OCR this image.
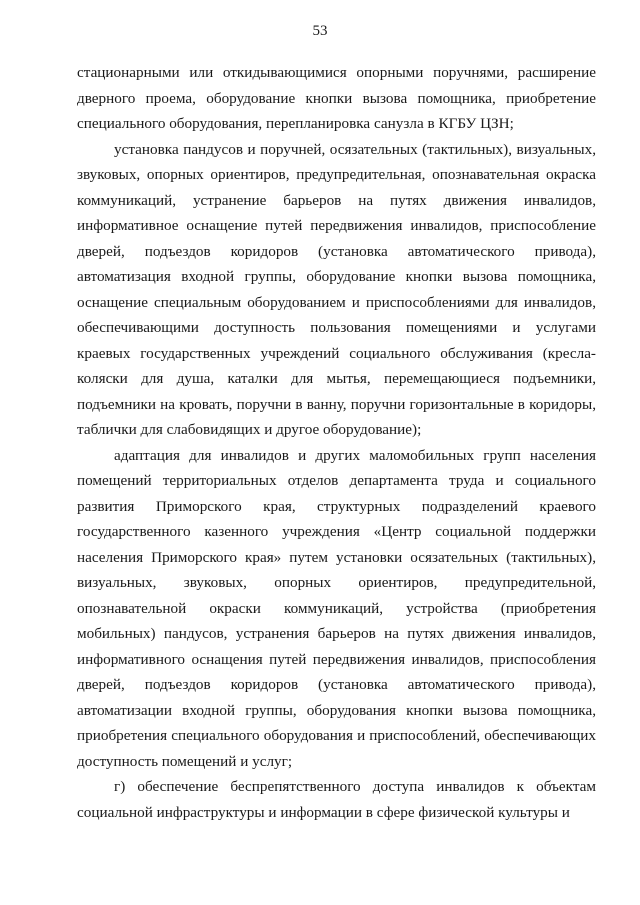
53

стационарными или откидывающимися опорными поручнями, расширение дверного проема, оборудование кнопки вызова помощника, приобретение специального оборудования, перепланировка санузла в КГБУ ЦЗН;

установка пандусов и поручней, осязательных (тактильных), визуальных, звуковых, опорных ориентиров, предупредительная, опознавательная окраска коммуникаций, устранение барьеров на путях движения инвалидов, информативное оснащение путей передвижения инвалидов, приспособление дверей, подъездов коридоров (установка автоматического привода), автоматизация входной группы, оборудование кнопки вызова помощника, оснащение специальным оборудованием и приспособлениями для инвалидов, обеспечивающими доступность пользования помещениями и услугами краевых государственных учреждений социального обслуживания (кресла-коляски для душа, каталки для мытья, перемещающиеся подъемники, подъемники на кровать, поручни в ванну, поручни горизонтальные в коридоры, таблички для слабовидящих и другое оборудование);

адаптация для инвалидов и других маломобильных групп населения помещений территориальных отделов департамента труда и социального развития Приморского края, структурных подразделений краевого государственного казенного учреждения «Центр социальной поддержки населения Приморского края» путем установки осязательных (тактильных), визуальных, звуковых, опорных ориентиров, предупредительной, опознавательной окраски коммуникаций, устройства (приобретения мобильных) пандусов, устранения барьеров на путях движения инвалидов, информативного оснащения путей передвижения инвалидов, приспособления дверей, подъездов коридоров (установка автоматического привода), автоматизации входной группы, оборудования кнопки вызова помощника, приобретения специального оборудования и приспособлений, обеспечивающих доступность помещений и услуг;

г) обеспечение беспрепятственного доступа инвалидов к объектам социальной инфраструктуры и информации в сфере физической культуры и
